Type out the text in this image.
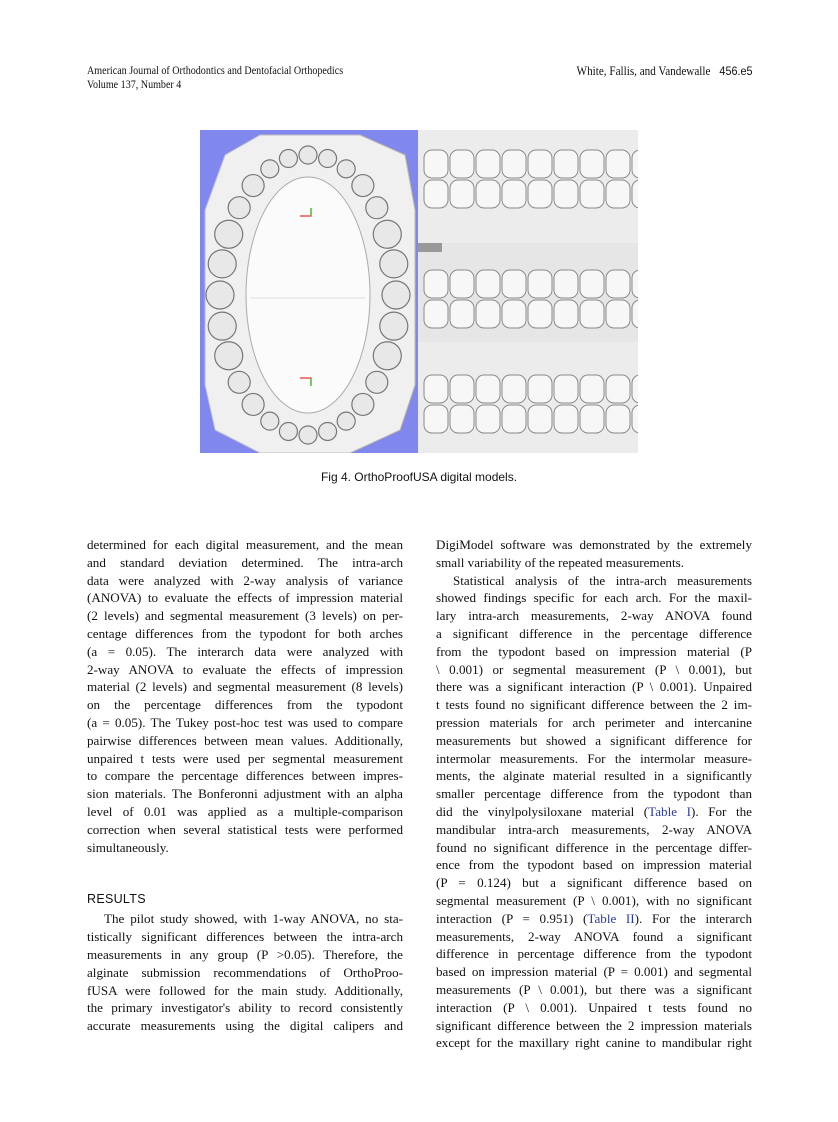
American Journal of Orthodontics and Dentofacial Orthopedics
Volume 137, Number 4
White, Fallis, and Vandewalle 456.e5
Fig 4. OrthoProofUSA digital models.
determined for each digital measurement, and the mean
and standard deviation determined. The intra-arch
data were analyzed with 2-way analysis of variance
(ANOVA) to evaluate the effects of impression material
(2 levels) and segmental measurement (3 levels) on per-
centage differences from the typodont for both arches
(a = 0.05). The interarch data were analyzed with
2-way ANOVA to evaluate the effects of impression
material (2 levels) and segmental measurement (8 levels)
on the percentage differences from the typodont
(a = 0.05). The Tukey post-hoc test was used to compare
pairwise differences between mean values. Additionally,
unpaired t tests were used per segmental measurement
to compare the percentage differences between impres-
sion materials. The Bonferonni adjustment with an alpha
level of 0.01 was applied as a multiple-comparison
correction when several statistical tests were performed
simultaneously.
RESULTS
The pilot study showed, with 1-way ANOVA, no sta-
tistically significant differences between the intra-arch
measurements in any group (P >0.05). Therefore, the
alginate submission recommendations of OrthoProo-
fUSA were followed for the main study. Additionally,
the primary investigator's ability to record consistently
accurate measurements using the digital calipers and
DigiModel software was demonstrated by the extremely
small variability of the repeated measurements.
Statistical analysis of the intra-arch measurements
showed findings specific for each arch. For the maxil-
lary intra-arch measurements, 2-way ANOVA found
a significant difference in the percentage difference
from the typodont based on impression material (P
\ 0.001) or segmental measurement (P \ 0.001), but
there was a significant interaction (P \ 0.001). Unpaired
t tests found no significant difference between the 2 im-
pression materials for arch perimeter and intercanine
measurements but showed a significant difference for
intermolar measurements. For the intermolar measure-
ments, the alginate material resulted in a significantly
smaller percentage difference from the typodont than
did the vinylpolysiloxane material (Table I). For the
mandibular intra-arch measurements, 2-way ANOVA
found no significant difference in the percentage differ-
ence from the typodont based on impression material
(P = 0.124) but a significant difference based on
segmental measurement (P \ 0.001), with no significant
interaction (P = 0.951) (Table II). For the interarch
measurements, 2-way ANOVA found a significant
difference in percentage difference from the typodont
based on impression material (P = 0.001) and segmental
measurements (P \ 0.001), but there was a significant
interaction (P \ 0.001). Unpaired t tests found no
significant difference between the 2 impression materials
except for the maxillary right canine to mandibular right
